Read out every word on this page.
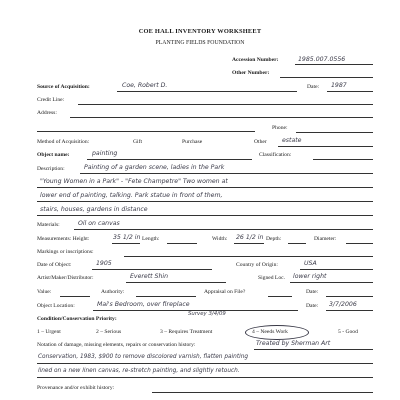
COE HALL INVENTORY WORKSHEET
PLANTING FIELDS FOUNDATION
Accession Number:	1985.007.0556
Other Number:
Source of Acquisition:	Coe, Robert D.	Date: 1987
Credit Line:
Address:
Phone:
Method of Acquisition:	Gift	Purchase	Other estate
Object name:	painting	Classification:
Description:	Painting of a garden scene, ladies in the Park
"Young Women in a Park" - "Fete Champetre" Two women at
lower end of painting, talking. Park statue in front of them,
stairs, houses, gardens in distance
Materials:	Oil on canvas
Measurements: Height:	35 1/2 in Length:	Width: 26 1/2 in Depth:	Diameter:
Markings or inscriptions:
Date of Object:	1905	Country of Origin:	USA
Artist/Maker/Distributor:	Everett Shin	Signed Loc. lower right
Value:	Authority:	Appraisal on File?	Date:
Object Location:	Mai's Bedroom, over fireplace	Date: 3/7/2006
Survey 3/4/09
Condition/Conservation Priority:
1 – Urgent	2 – Serious	3 – Requires Treatment	4 – Needs Work	5 - Good
Notation of damage, missing elements, repairs or conservation history:	Treated by Sherman Art
Conservation, 1983, $900 to remove discolored varnish, flatten painting
lined on a new linen canvas, re-stretch painting, and slightly retouch.
Provenance and/or exhibit history:
